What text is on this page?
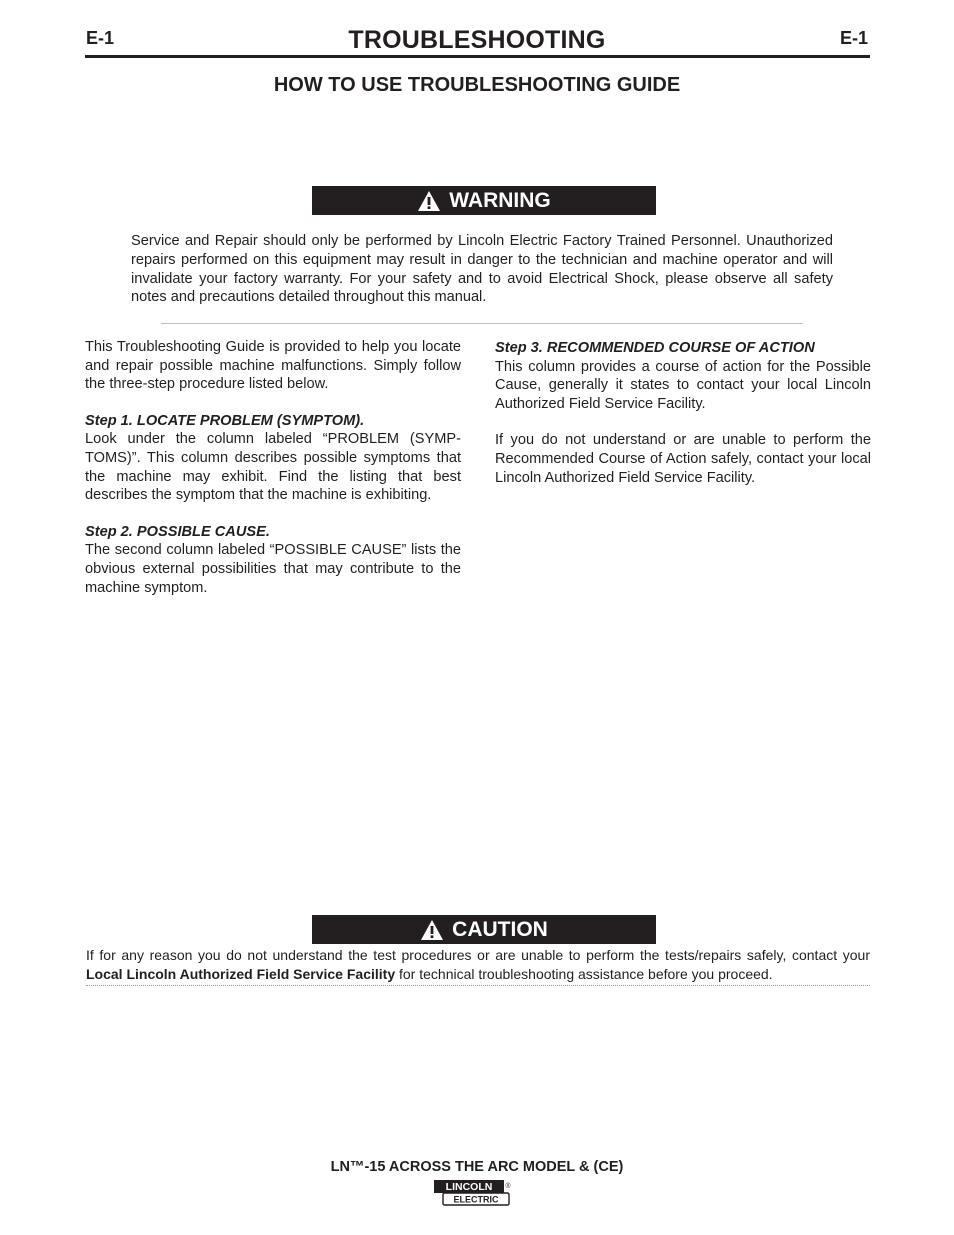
E-1	TROUBLESHOOTING	E-1
HOW TO USE TROUBLESHOOTING GUIDE
WARNING
Service and Repair should only be performed by Lincoln Electric Factory Trained Personnel. Unauthorized repairs performed on this equipment may result in danger to the technician and machine operator and will invalidate your factory warranty. For your safety and to avoid Electrical Shock, please observe all safety notes and precautions detailed throughout this manual.

This Troubleshooting Guide is provided to help you locate and repair possible machine malfunctions. Simply follow the three-step procedure listed below.

Step 1. LOCATE PROBLEM (SYMPTOM).

Look under the column labeled “PROBLEM (SYMP-TOMS)”. This column describes possible symptoms that the machine may exhibit. Find the listing that best describes the symptom that the machine is exhibiting.

Step 2. POSSIBLE CAUSE.

The second column labeled “POSSIBLE CAUSE” lists the obvious external possibilities that may contribute to the machine symptom.

Step 3. RECOMMENDED COURSE OF ACTION

This column provides a course of action for the Possible Cause, generally it states to contact your local Lincoln Authorized Field Service Facility.

If you do not understand or are unable to perform the Recommended Course of Action safely, contact your local Lincoln Authorized Field Service Facility.

CAUTION
If for any reason you do not understand the test procedures or are unable to perform the tests/repairs safely, contact your Local Lincoln Authorized Field Service Facility for technical troubleshooting assistance before you proceed.
LN™-15 ACROSS THE ARC MODEL & (CE)
LINCOLN
ELECTRIC
®
